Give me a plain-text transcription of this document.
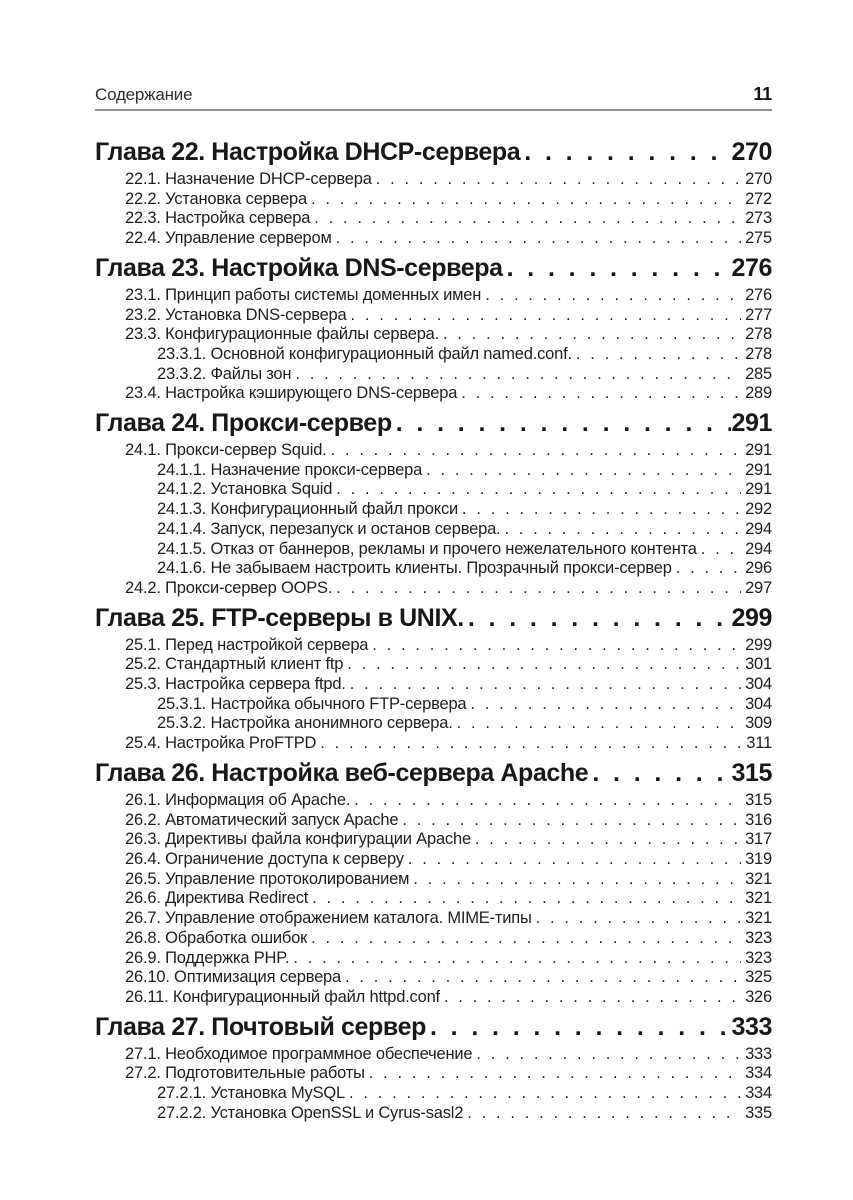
Содержание	11
Глава 22. Настройка DHCP-сервера . . .	270
22.1. Назначение DHCP-сервера . . .	270
22.2. Установка сервера . . .	272
22.3. Настройка сервера . . .	273
22.4. Управление сервером . . .	275
Глава 23. Настройка DNS-сервера . . .	276
23.1. Принцип работы системы доменных имен . . .	276
23.2. Установка DNS-сервера . . .	277
23.3. Конфигурационные файлы сервера. . . .	278
23.3.1. Основной конфигурационный файл named.conf. . . .	278
23.3.2. Файлы зон . . .	285
23.4. Настройка кэширующего DNS-сервера . . .	289
Глава 24. Прокси-сервер . . .	291
24.1. Прокси-сервер Squid. . . .	291
24.1.1. Назначение прокси-сервера . . .	291
24.1.2. Установка Squid . . .	291
24.1.3. Конфигурационный файл прокси . . .	292
24.1.4. Запуск, перезапуск и останов сервера. . . .	294
24.1.5. Отказ от баннеров, рекламы и прочего нежелательного контента . . .	294
24.1.6. Не забываем настроить клиенты. Прозрачный прокси-сервер . . .	296
24.2. Прокси-сервер OOPS. . . .	297
Глава 25. FTP-серверы в UNIX. . . .	299
25.1. Перед настройкой сервера . . .	299
25.2. Стандартный клиент ftp . . .	301
25.3. Настройка сервера ftpd. . . .	304
25.3.1. Настройка обычного FTP-сервера . . .	304
25.3.2. Настройка анонимного сервера. . . .	309
25.4. Настройка ProFTPD . . .	311
Глава 26. Настройка веб-сервера Apache . . .	315
26.1. Информация об Apache. . . .	315
26.2. Автоматический запуск Apache . . .	316
26.3. Директивы файла конфигурации Apache . . .	317
26.4. Ограничение доступа к серверу . . .	319
26.5. Управление протоколированием . . .	321
26.6. Директива Redirect . . .	321
26.7. Управление отображением каталога. MIME-типы . . .	321
26.8. Обработка ошибок . . .	323
26.9. Поддержка PHP. . . .	323
26.10. Оптимизация сервера . . .	325
26.11. Конфигурационный файл httpd.conf . . .	326
Глава 27. Почтовый сервер . . .	333
27.1. Необходимое программное обеспечение . . .	333
27.2. Подготовительные работы . . .	334
27.2.1. Установка MySQL . . .	334
27.2.2. Установка OpenSSL и Cyrus-sasl2 . . .	335
